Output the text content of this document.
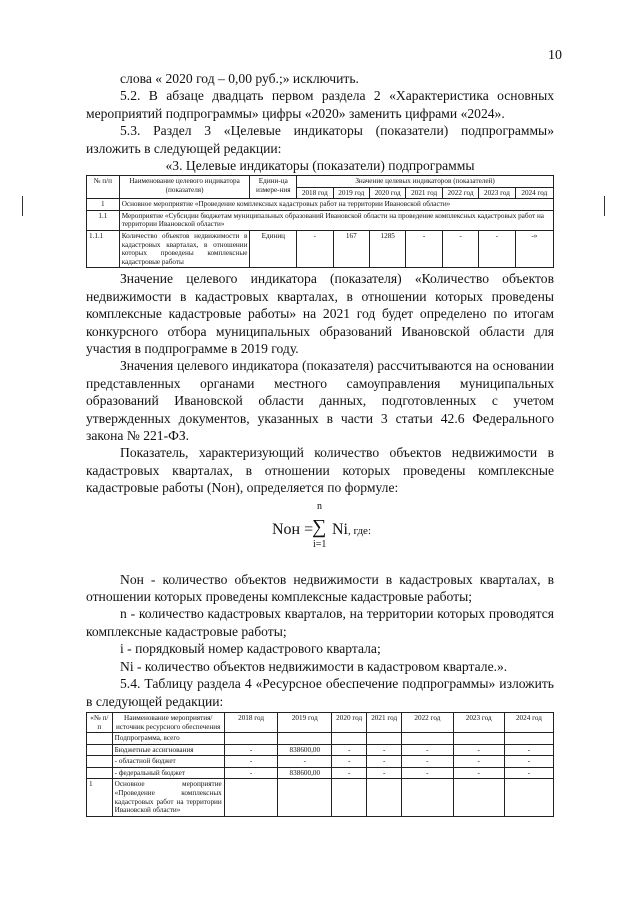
10

слова « 2020 год – 0,00 руб.;» исключить.

5.2. В абзаце двадцать первом раздела 2 «Характеристика основных мероприятий подпрограммы» цифры «2020» заменить цифрами «2024».

5.3. Раздел 3 «Целевые индикаторы (показатели) подпрограммы» изложить в следующей редакции:

«3. Целевые индикаторы (показатели) подпрограммы
№ п/п	Наименование целевого индикатора (показателя)	Едини-ца измере-ния	Значение целевых индикаторов (показателей)						
			2018 год	2019 год	2020 год	2021 год	2022 год	2023 год	2024 год
1	Основное мероприятие «Проведение комплексных кадастровых работ на территории Ивановской области»								
1.1	Мероприятие «Субсидии бюджетам муниципальных образований Ивановской области на проведение комплексных кадастровых работ на территории Ивановской области»								
1.1.1	Количество объектов недвижимости в кадастровых кварталах, в отношении которых проведены комплексные кадастровые работы	Единиц	-	167	1285	-	-	-	-»

Значение целевого индикатора (показателя) «Количество объектов недвижимости в кадастровых кварталах, в отношении которых проведены комплексные кадастровые работы» на 2021 год будет определено по итогам конкурсного отбора муниципальных образований Ивановской области для участия в подпрограмме в 2019 году.

Значения целевого индикатора (показателя) рассчитываются на основании представленных органами местного самоуправления муниципальных образований Ивановской области данных, подготовленных с учетом утвержденных документов, указанных в части 3 статьи 42.6 Федерального закона № 221-ФЗ.

Показатель, характеризующий количество объектов недвижимости в кадастровых кварталах, в отношении которых проведены комплексные кадастровые работы (Nон), определяется по формуле:

Nон =
n
∑
i=1
Ni , где:

Nон - количество объектов недвижимости в кадастровых кварталах, в отношении которых проведены комплексные кадастровые работы;

n - количество кадастровых кварталов, на территории которых проводятся комплексные кадастровые работы;

i - порядковый номер кадастрового квартала;

Ni - количество объектов недвижимости в кадастровом квартале.».

5.4. Таблицу раздела 4 «Ресурсное обеспечение подпрограммы» изложить в следующей редакции:

«№ п/п	Наименование мероприятия/источник ресурсного обеспечения	2018 год	2019 год	2020 год	2021 год	2022 год	2023 год	2024 год
	Подпрограмма, всего							
	Бюджетные ассигнования	-	838600,00	-	-	-	-	-
	- областной бюджет	-	-	-	-	-	-	-
	- федеральный бюджет	-	838600,00	-	-	-	-	-
1	Основное мероприятие «Проведение комплексных кадастровых работ на территории Ивановской области»							
